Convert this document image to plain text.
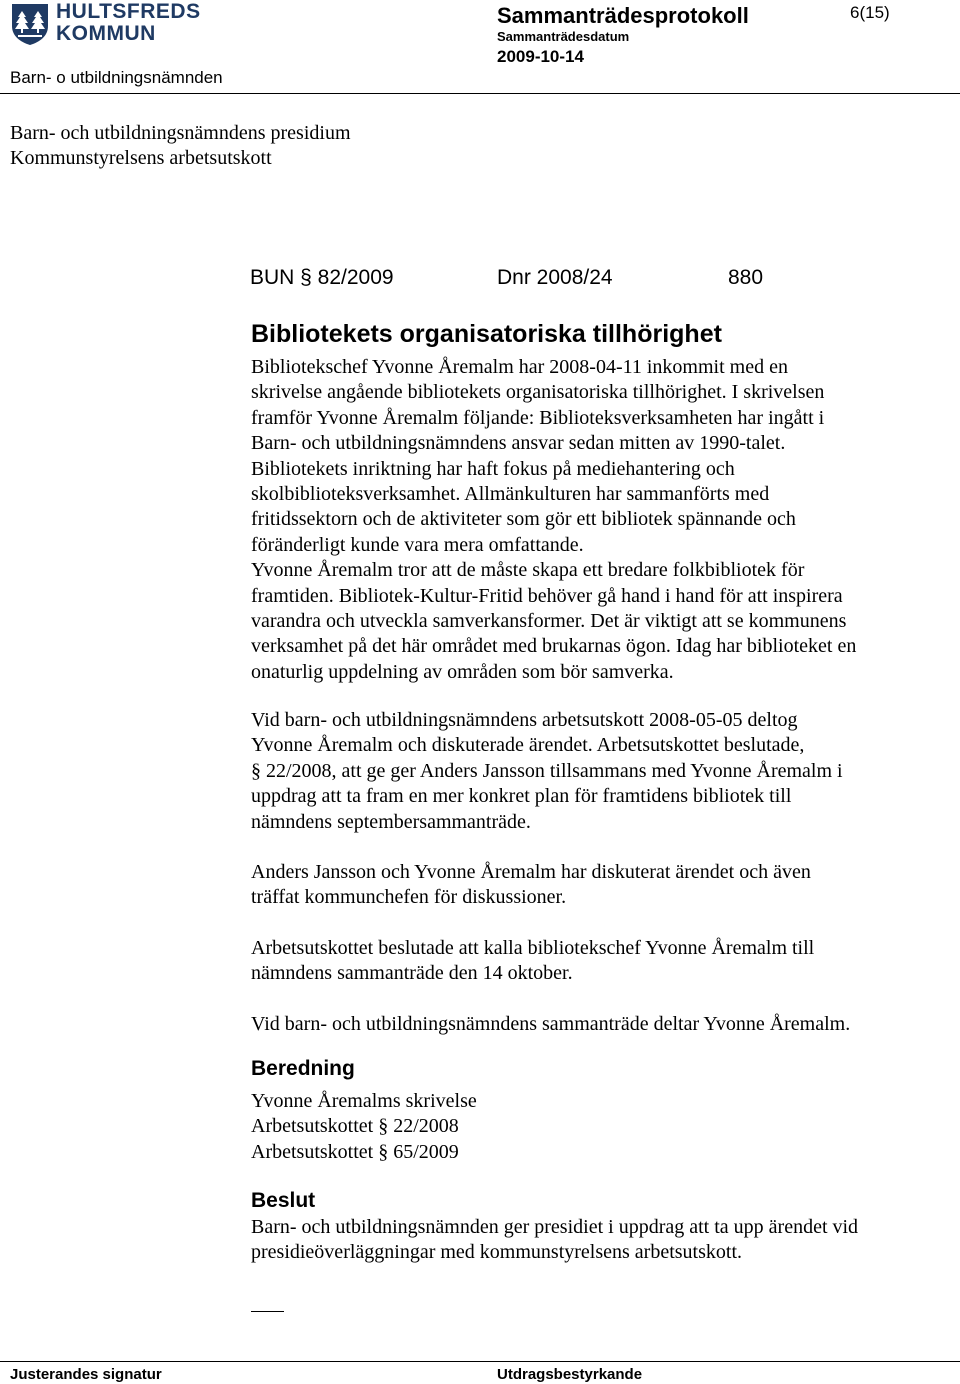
HULTSFREDS
KOMMUN
Sammanträdesprotokoll
Sammanträdesdatum
2009-10-14
6(15)
Barn- o utbildningsnämnden
Barn- och utbildningsnämndens presidium
Kommunstyrelsens arbetsutskott
BUN § 82/2009	Dnr 2008/24	880
Bibliotekets organisatoriska tillhörighet
Bibliotekschef Yvonne Åremalm har 2008-04-11 inkommit med en
skrivelse angående bibliotekets organisatoriska tillhörighet. I skrivelsen
framför Yvonne Åremalm följande: Biblioteksverksamheten har ingått i
Barn- och utbildningsnämndens ansvar sedan mitten av 1990-talet.
Bibliotekets inriktning har haft fokus på mediehantering och
skolbiblioteksverksamhet. Allmänkulturen har sammanförts med
fritidssektorn och de aktiviteter som gör ett bibliotek spännande och
föränderligt kunde vara mera omfattande.
Yvonne Åremalm tror att de måste skapa ett bredare folkbibliotek för
framtiden. Bibliotek-Kultur-Fritid behöver gå hand i hand för att inspirera
varandra och utveckla samverkansformer. Det är viktigt att se kommunens
verksamhet på det här området med brukarnas ögon. Idag har biblioteket en
onaturlig uppdelning av områden som bör samverka.
Vid barn- och utbildningsnämndens arbetsutskott 2008-05-05 deltog
Yvonne Åremalm och diskuterade ärendet. Arbetsutskottet beslutade,
§ 22/2008, att ge ger Anders Jansson tillsammans med Yvonne Åremalm i
uppdrag att ta fram en mer konkret plan för framtidens bibliotek till
nämndens septembersammanträde.
Anders Jansson och Yvonne Åremalm har diskuterat ärendet och även
träffat kommunchefen för diskussioner.
Arbetsutskottet beslutade att kalla bibliotekschef Yvonne Åremalm till
nämndens sammanträde den 14 oktober.
Vid barn- och utbildningsnämndens sammanträde deltar Yvonne Åremalm.
Beredning
Yvonne Åremalms skrivelse
Arbetsutskottet § 22/2008
Arbetsutskottet § 65/2009
Beslut
Barn- och utbildningsnämnden ger presidiet i uppdrag att ta upp ärendet vid
presidieöverläggningar med kommunstyrelsens arbetsutskott.
Justerandes signatur	Utdragsbestyrkande
